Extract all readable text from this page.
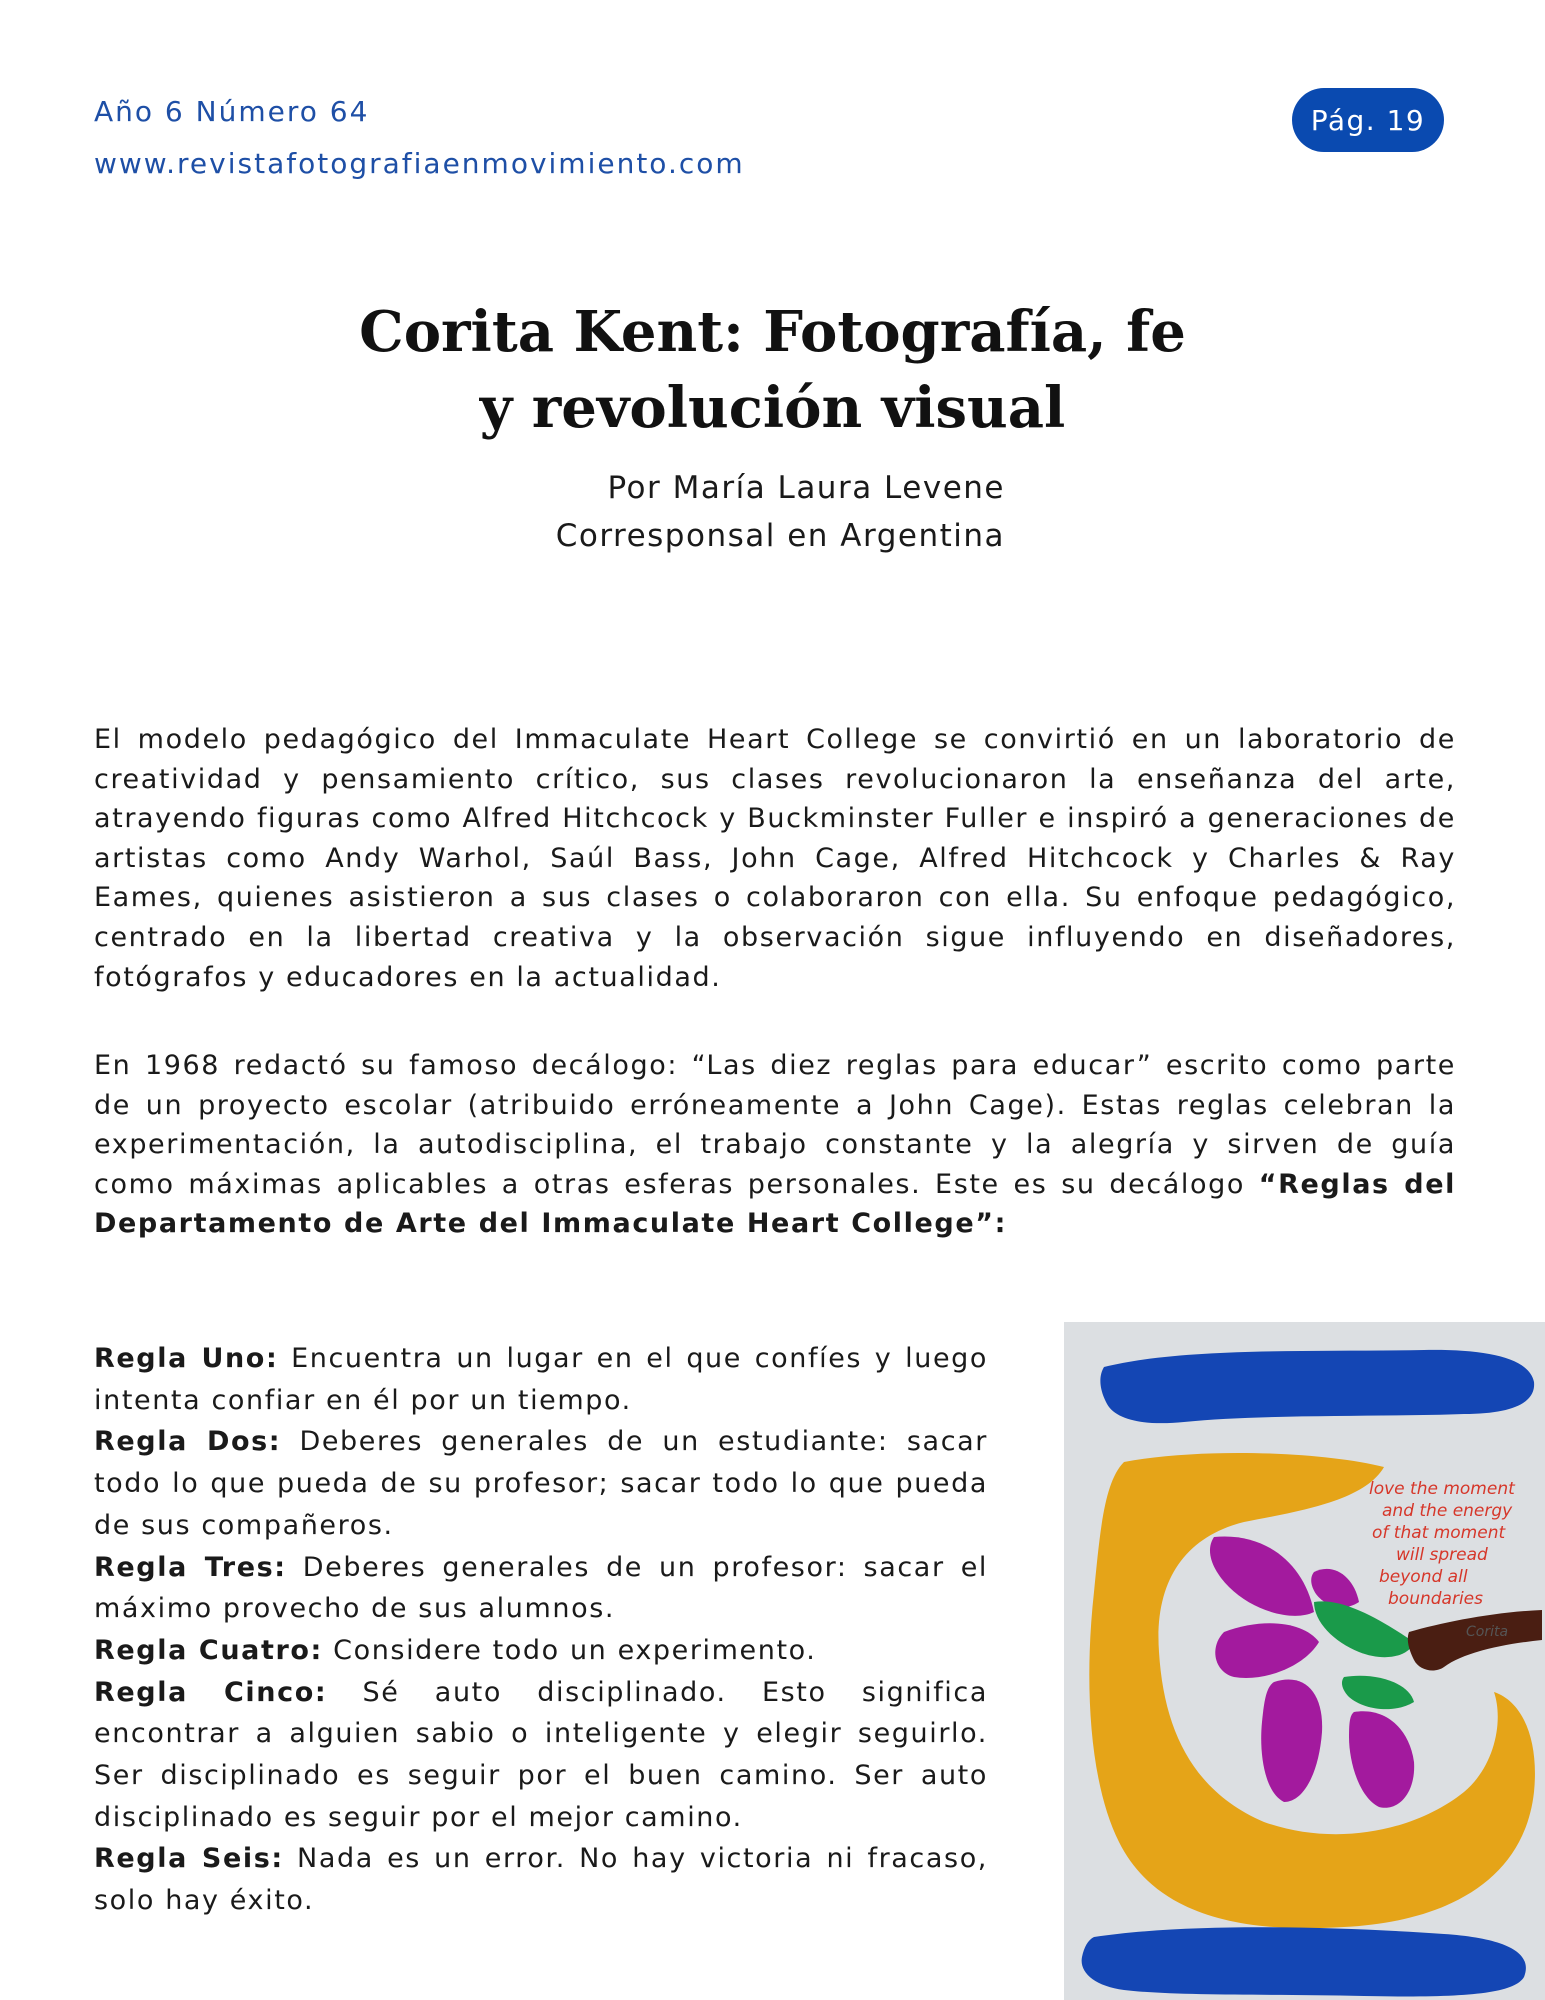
Año 6 Número 64
www.revistafotografiaenmovimiento.com
Pág. 19
Corita Kent: Fotografía, fe
y revolución visual
Por María Laura Levene
Corresponsal en Argentina

El modelo pedagógico del Immaculate Heart College se convirtió en un laboratorio de creatividad y pensamiento crítico, sus clases revolucionaron la enseñanza del arte, atrayendo figuras como Alfred Hitchcock y Buckminster Fuller e inspiró a generaciones de artistas como Andy Warhol, Saúl Bass, John Cage, Alfred Hitchcock y Charles & Ray Eames, quienes asistieron a sus clases o colaboraron con ella. Su enfoque pedagógico, centrado en la libertad creativa y la observación sigue influyendo en diseñadores, fotógrafos y educadores en la actualidad.

En 1968 redactó su famoso decálogo: “Las diez reglas para educar” escrito como parte de un proyecto escolar (atribuido erróneamente a John Cage). Estas reglas celebran la experimentación, la autodisciplina, el trabajo constante y la alegría y sirven de guía como máximas aplicables a otras esferas personales. Este es su decálogo “Reglas del Departamento de Arte del Immaculate Heart College”:

Regla Uno: Encuentra un lugar en el que confíes y luego intenta confiar en él por un tiempo.

Regla Dos: Deberes generales de un estudiante: sacar todo lo que pueda de su profesor; sacar todo lo que pueda de sus compañeros.

Regla Tres: Deberes generales de un profesor: sacar el máximo provecho de sus alumnos.

Regla Cuatro: Considere todo un experimento.

Regla Cinco: Sé auto disciplinado. Esto significa encontrar a alguien sabio o inteligente y elegir seguirlo. Ser disciplinado es seguir por el buen camino. Ser auto disciplinado es seguir por el mejor camino.

Regla Seis: Nada es un error. No hay victoria ni fracaso, solo hay éxito.

love the moment
and the energy
of that moment
will spread
beyond all
boundaries
Corita
